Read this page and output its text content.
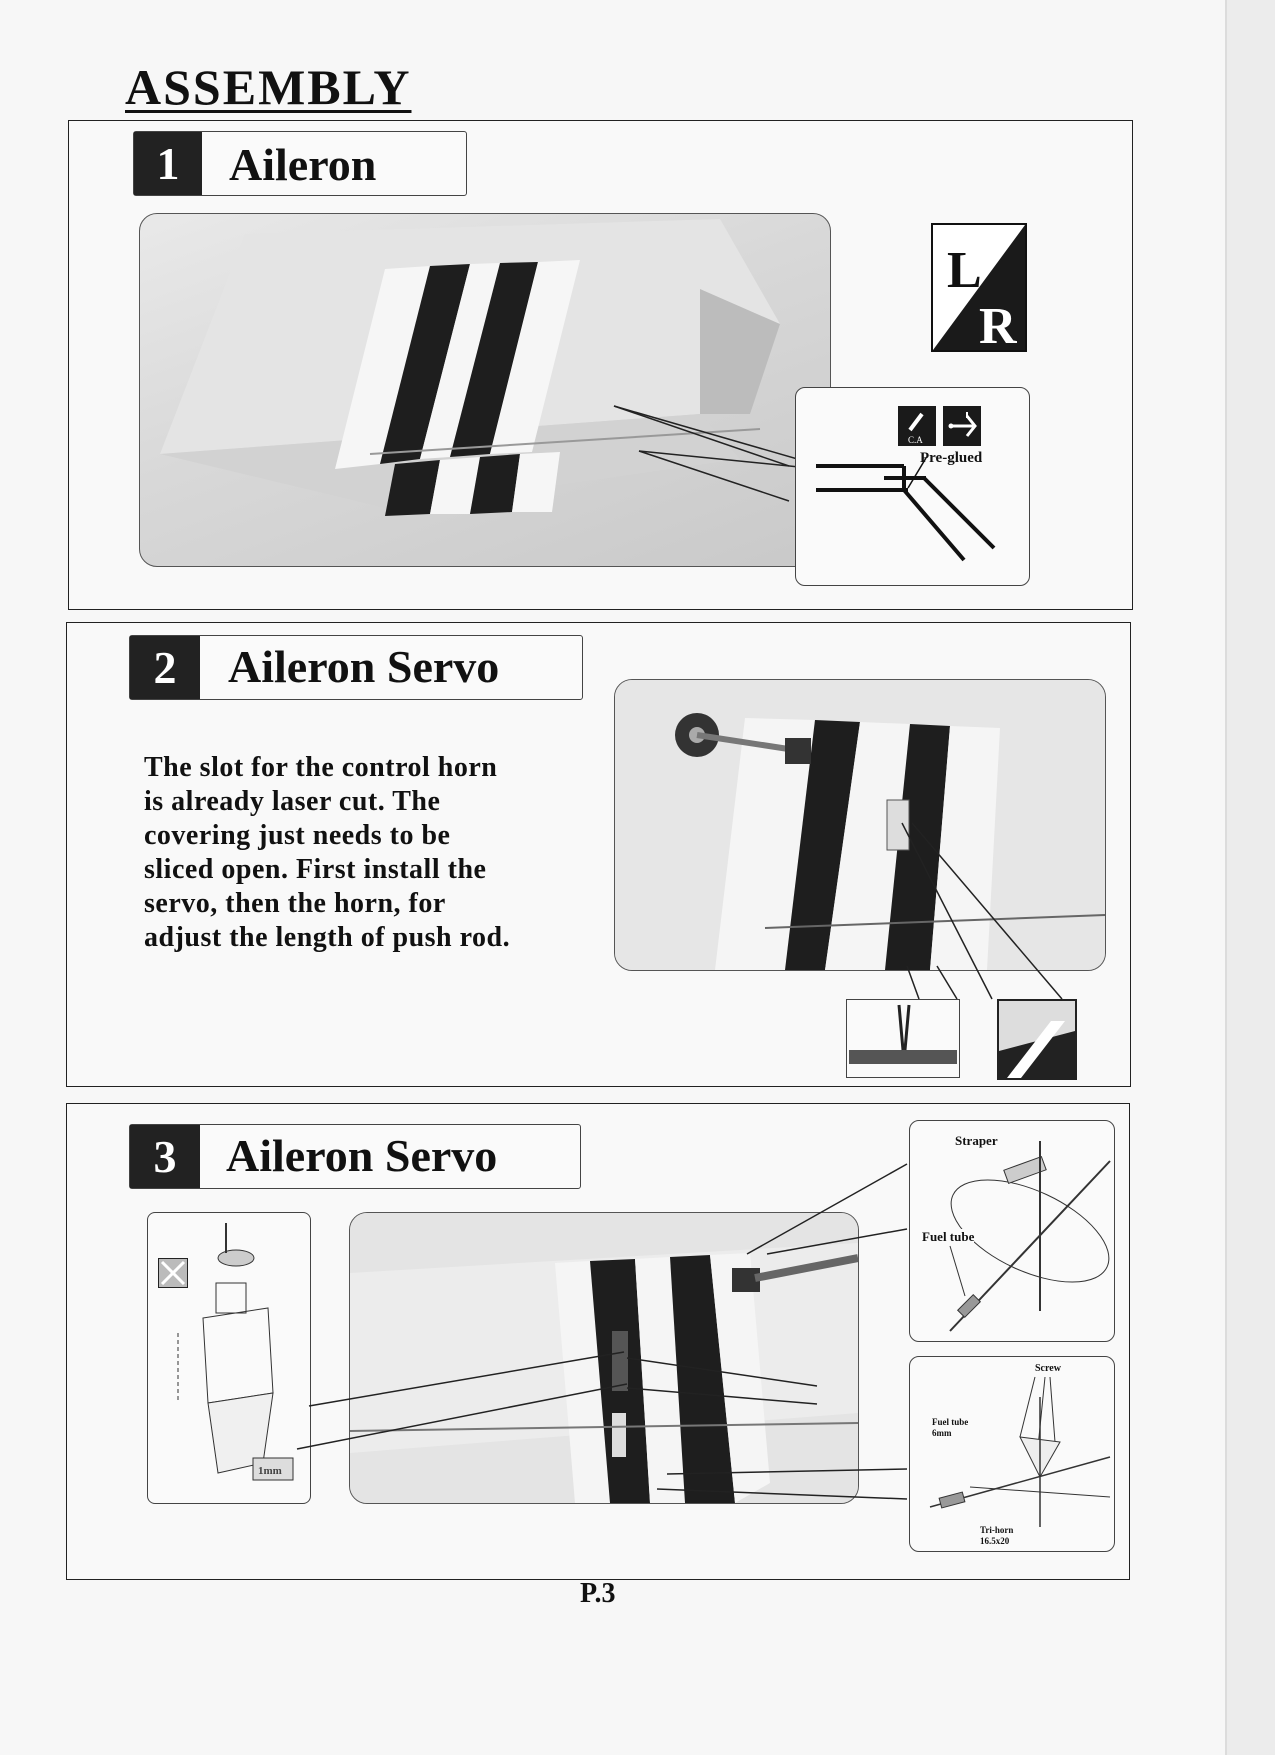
ASSEMBLY
1	Aileron
L
R
C.A
Pre-glued
2	Aileron Servo
The slot for the control horn
is already laser cut. The
covering just needs to be
sliced open. First install the
servo, then the horn, for
adjust the length of push rod.
3	Aileron Servo
1mm
Straper
Fuel tube
Screw
Fuel tube
6mm
Tri-horn
16.5x20
P.3
